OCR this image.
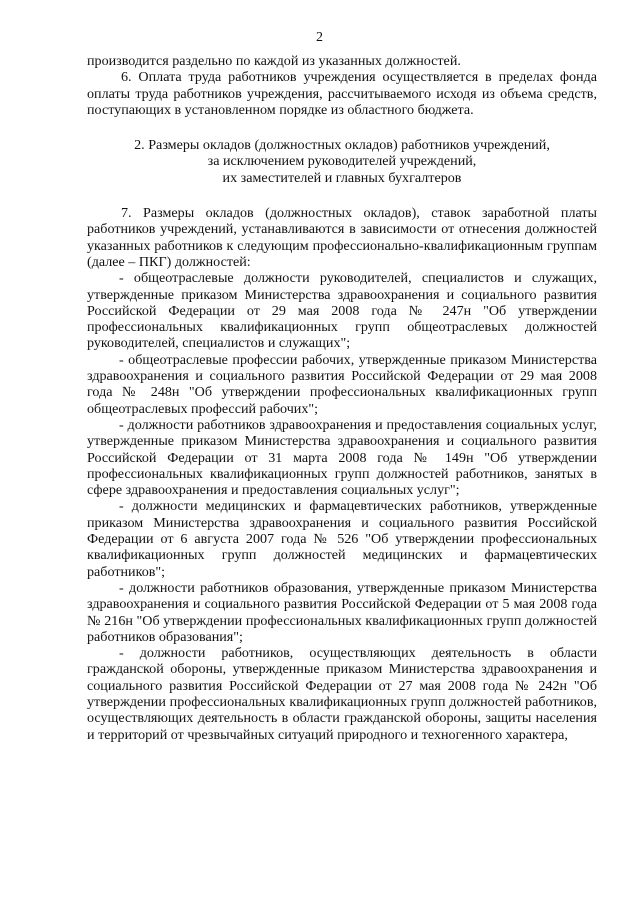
2

производится раздельно по каждой из указанных должностей.

6. Оплата труда работников учреждения осуществляется в пределах фонда оплаты труда работников учреждения, рассчитываемого исходя из объема средств, поступающих в установленном порядке из областного бюджета.

2. Размеры окладов (должностных окладов) работников учреждений,
за исключением руководителей учреждений,
их заместителей и главных бухгалтеров

7. Размеры окладов (должностных окладов), ставок заработной платы работников учреждений, устанавливаются в зависимости от отнесения должностей указанных работников к следующим профессионально-квалификационным группам (далее – ПКГ) должностей:

- общеотраслевые должности руководителей, специалистов и служащих, утвержденные приказом Министерства здравоохранения и социального развития Российской Федерации от 29 мая 2008 года № 247н "Об утверждении профессиональных квалификационных групп общеотраслевых должностей руководителей, специалистов и служащих";

- общеотраслевые профессии рабочих, утвержденные приказом Министерства здравоохранения и социального развития Российской Федерации от 29 мая 2008 года № 248н "Об утверждении профессиональных квалификационных групп общеотраслевых профессий рабочих";

- должности работников здравоохранения и предоставления социальных услуг, утвержденные приказом Министерства здравоохранения и социального развития Российской Федерации от 31 марта 2008 года № 149н "Об утверждении профессиональных квалификационных групп должностей работников, занятых в сфере здравоохранения и предоставления социальных услуг";

- должности медицинских и фармацевтических работников, утвержденные приказом Министерства здравоохранения и социального развития Российской Федерации от 6 августа 2007 года № 526 "Об утверждении профессиональных квалификационных групп должностей медицинских и фармацевтических работников";

- должности работников образования, утвержденные приказом Министерства здравоохранения и социального развития Российской Федерации от 5 мая 2008 года № 216н "Об утверждении профессиональных квалификационных групп должностей работников образования";

- должности работников, осуществляющих деятельность в области гражданской обороны, утвержденные приказом Министерства здравоохранения и социального развития Российской Федерации от 27 мая 2008 года № 242н "Об утверждении профессиональных квалификационных групп должностей работников, осуществляющих деятельность в области гражданской обороны, защиты населения и территорий от чрезвычайных ситуаций природного и техногенного характера,
